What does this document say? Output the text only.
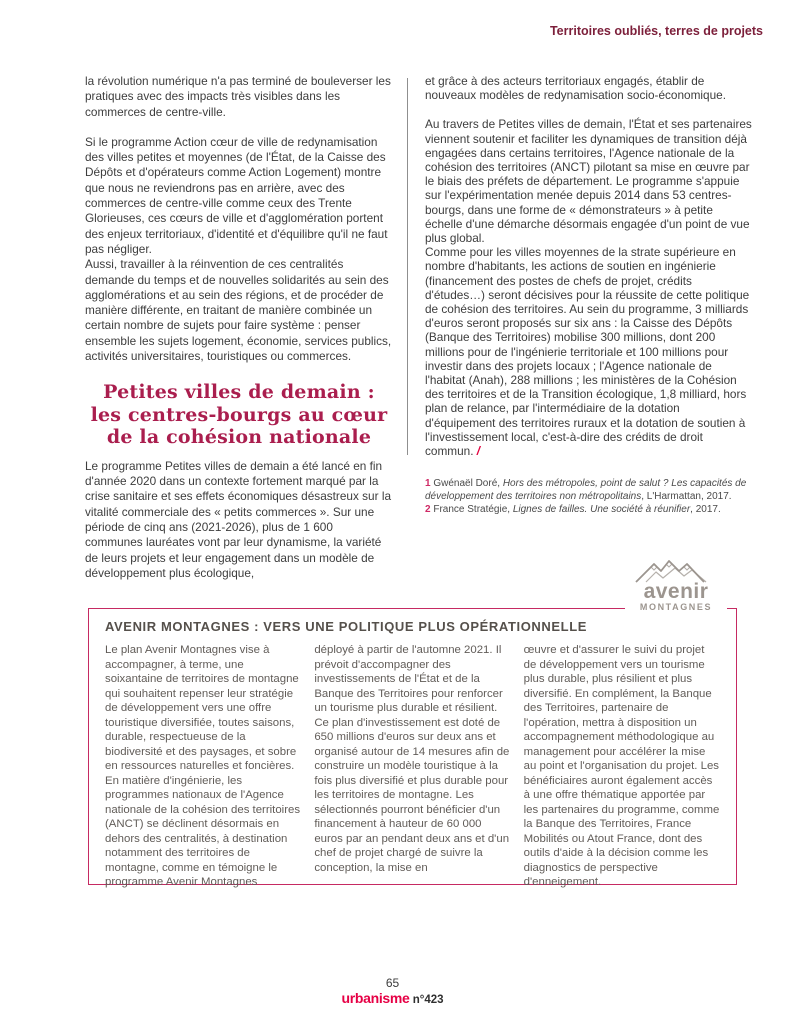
Territoires oubliés, terres de projets

la révolution numérique n'a pas terminé de bouleverser les pratiques avec des impacts très visibles dans les commerces de centre-ville.

Si le programme Action cœur de ville de redynamisation des villes petites et moyennes (de l'État, de la Caisse des Dépôts et d'opérateurs comme Action Logement) montre que nous ne reviendrons pas en arrière, avec des commerces de centre-ville comme ceux des Trente Glorieuses, ces cœurs de ville et d'agglomération portent des enjeux territoriaux, d'identité et d'équilibre qu'il ne faut pas négliger.

Aussi, travailler à la réinvention de ces centralités demande du temps et de nouvelles solidarités au sein des agglomérations et au sein des régions, et de procéder de manière différente, en traitant de manière combinée un certain nombre de sujets pour faire système : penser ensemble les sujets logement, économie, services publics, activités universitaires, touristiques ou commerces.

Petites villes de demain :
les centres-bourgs au cœur
de la cohésion nationale

Le programme Petites villes de demain a été lancé en fin d'année 2020 dans un contexte fortement marqué par la crise sanitaire et ses effets économiques désastreux sur la vitalité commerciale des « petits commerces ». Sur une période de cinq ans (2021-2026), plus de 1 600 communes lauréates vont par leur dynamisme, la variété de leurs projets et leur engagement dans un modèle de développement plus écologique,

et grâce à des acteurs territoriaux engagés, établir de nouveaux modèles de redynamisation socio-économique.

Au travers de Petites villes de demain, l'État et ses partenaires viennent soutenir et faciliter les dynamiques de transition déjà engagées dans certains territoires, l'Agence nationale de la cohésion des territoires (ANCT) pilotant sa mise en œuvre par le biais des préfets de département. Le programme s'appuie sur l'expérimentation menée depuis 2014 dans 53 centres-bourgs, dans une forme de « démonstrateurs » à petite échelle d'une démarche désormais engagée d'un point de vue plus global.

Comme pour les villes moyennes de la strate supérieure en nombre d'habitants, les actions de soutien en ingénierie (financement des postes de chefs de projet, crédits d'études…) seront décisives pour la réussite de cette politique de cohésion des territoires. Au sein du programme, 3 milliards d'euros seront proposés sur six ans : la Caisse des Dépôts (Banque des Territoires) mobilise 300 millions, dont 200 millions pour de l'ingénierie territoriale et 100 millions pour investir dans des projets locaux ; l'Agence nationale de l'habitat (Anah), 288 millions ; les ministères de la Cohésion des territoires et de la Transition écologique, 1,8 milliard, hors plan de relance, par l'intermédiaire de la dotation d'équipement des territoires ruraux et la dotation de soutien à l'investissement local, c'est-à-dire des crédits de droit commun. /

1 Gwénaël Doré, Hors des métropoles, point de salut ? Les capacités de développement des territoires non métropolitains, L'Harmattan, 2017.

2 France Stratégie, Lignes de failles. Une société à réunifier, 2017.

avenir
MONTAGNES
AVENIR MONTAGNES : VERS UNE POLITIQUE PLUS OPÉRATIONNELLE

Le plan Avenir Montagnes vise à accompagner, à terme, une soixantaine de territoires de montagne qui souhaitent repenser leur stratégie de développement vers une offre touristique diversifiée, toutes saisons, durable, respectueuse de la biodiversité et des paysages, et sobre en ressources naturelles et foncières. En matière d'ingénierie, les programmes nationaux de l'Agence nationale de la cohésion des territoires (ANCT) se déclinent désormais en dehors des centralités, à destination notamment des territoires de montagne, comme en témoigne le programme Avenir Montagnes

déployé à partir de l'automne 2021. Il prévoit d'accompagner des investissements de l'État et de la Banque des Territoires pour renforcer un tourisme plus durable et résilient. Ce plan d'investissement est doté de 650 millions d'euros sur deux ans et organisé autour de 14 mesures afin de construire un modèle touristique à la fois plus diversifié et plus durable pour les territoires de montagne. Les sélectionnés pourront bénéficier d'un financement à hauteur de 60 000 euros par an pendant deux ans et d'un chef de projet chargé de suivre la conception, la mise en

œuvre et d'assurer le suivi du projet de développement vers un tourisme plus durable, plus résilient et plus diversifié. En complément, la Banque des Territoires, partenaire de l'opération, mettra à disposition un accompagnement méthodologique au management pour accélérer la mise au point et l'organisation du projet. Les bénéficiaires auront également accès à une offre thématique apportée par les partenaires du programme, comme la Banque des Territoires, France Mobilités ou Atout France, dont des outils d'aide à la décision comme les diagnostics de perspective d'enneigement.

65
urbanisme n°423
